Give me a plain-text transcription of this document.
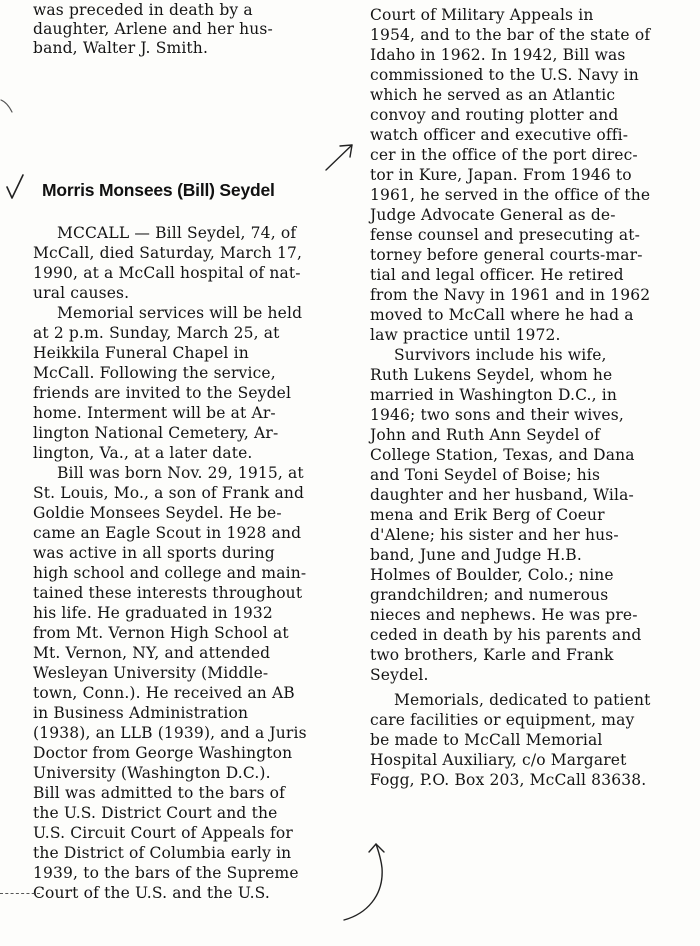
was preceded in death by a
daughter, Arlene and her hus-
band, Walter J. Smith.
MCCALL — Bill Seydel, 74, of
McCall, died Saturday, March 17,
1990, at a McCall hospital of nat-
ural causes.
Memorial services will be held
at 2 p.m. Sunday, March 25, at
Heikkila Funeral Chapel in
McCall. Following the service,
friends are invited to the Seydel
home. Interment will be at Ar-
lington National Cemetery, Ar-
lington, Va., at a later date.
Bill was born Nov. 29, 1915, at
St. Louis, Mo., a son of Frank and
Goldie Monsees Seydel. He be-
came an Eagle Scout in 1928 and
was active in all sports during
high school and college and main-
tained these interests throughout
his life. He graduated in 1932
from Mt. Vernon High School at
Mt. Vernon, NY, and attended
Wesleyan University (Middle-
town, Conn.). He received an AB
in Business Administration
(1938), an LLB (1939), and a Juris
Doctor from George Washington
University (Washington D.C.).
Bill was admitted to the bars of
the U.S. District Court and the
U.S. Circuit Court of Appeals for
the District of Columbia early in
1939, to the bars of the Supreme
Court of the U.S. and the U.S.
Morris Monsees (Bill) Seydel
Court of Military Appeals in
1954, and to the bar of the state of
Idaho in 1962. In 1942, Bill was
commissioned to the U.S. Navy in
which he served as an Atlantic
convoy and routing plotter and
watch officer and executive offi-
cer in the office of the port direc-
tor in Kure, Japan. From 1946 to
1961, he served in the office of the
Judge Advocate General as de-
fense counsel and presecuting at-
torney before general courts-mar-
tial and legal officer. He retired
from the Navy in 1961 and in 1962
moved to McCall where he had a
law practice until 1972.
Survivors include his wife,
Ruth Lukens Seydel, whom he
married in Washington D.C., in
1946; two sons and their wives,
John and Ruth Ann Seydel of
College Station, Texas, and Dana
and Toni Seydel of Boise; his
daughter and her husband, Wila-
mena and Erik Berg of Coeur
d'Alene; his sister and her hus-
band, June and Judge H.B.
Holmes of Boulder, Colo.; nine
grandchildren; and numerous
nieces and nephews. He was pre-
ceded in death by his parents and
two brothers, Karle and Frank
Seydel.
Memorials, dedicated to patient
care facilities or equipment, may
be made to McCall Memorial
Hospital Auxiliary, c/o Margaret
Fogg, P.O. Box 203, McCall 83638.
